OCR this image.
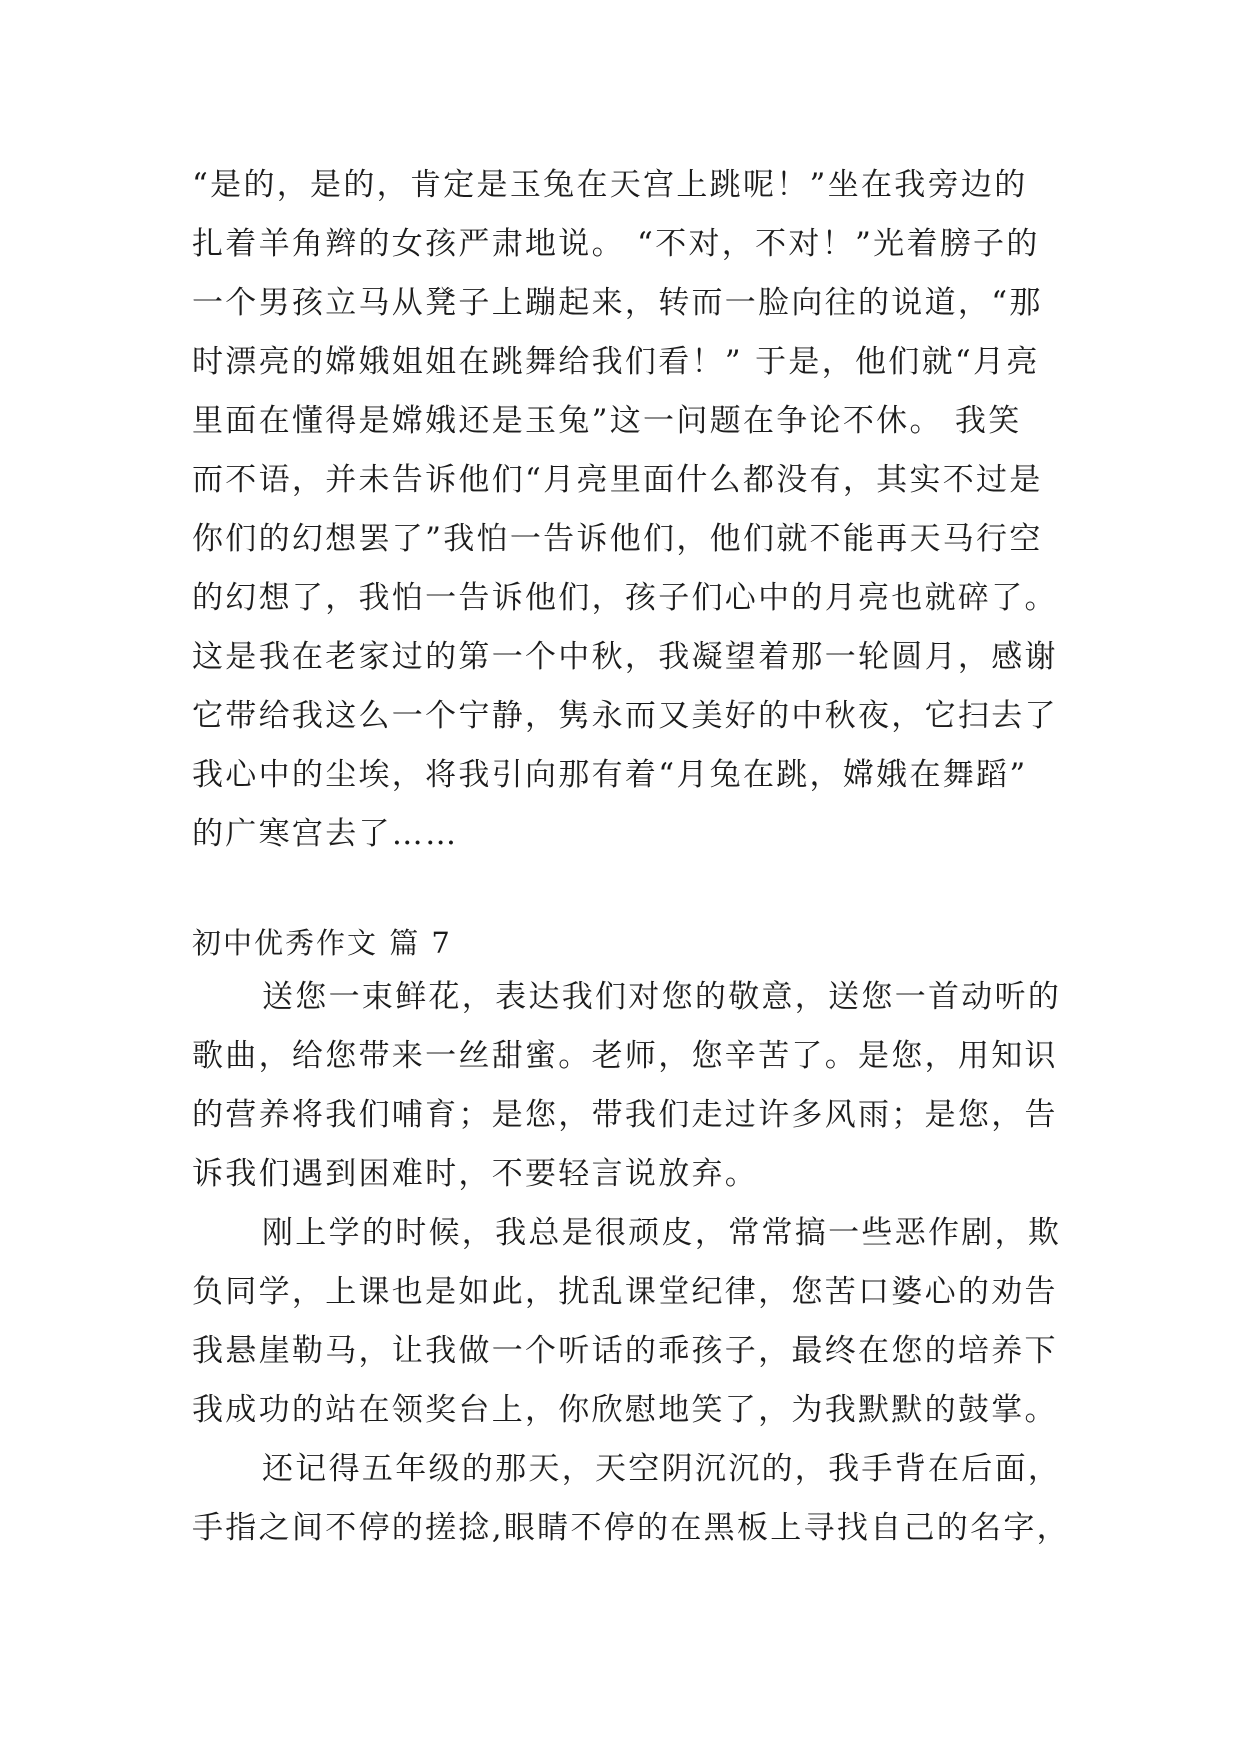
“是的，是的，肯定是玉兔在天宫上跳呢！”坐在我旁边的
扎着羊角辫的女孩严肃地说。 “不对，不对！”光着膀子的
一个男孩立马从凳子上蹦起来，转而一脸向往的说道，“那
时漂亮的嫦娥姐姐在跳舞给我们看！” 于是，他们就“月亮
里面在懂得是嫦娥还是玉兔”这一问题在争论不休。 我笑
而不语，并未告诉他们“月亮里面什么都没有，其实不过是
你们的幻想罢了”我怕一告诉他们，他们就不能再天马行空
的幻想了，我怕一告诉他们，孩子们心中的月亮也就碎了。
这是我在老家过的第一个中秋，我凝望着那一轮圆月，感谢
它带给我这么一个宁静，隽永而又美好的中秋夜，它扫去了
我心中的尘埃，将我引向那有着“月兔在跳，嫦娥在舞蹈”
的广寒宫去了……
初中优秀作文 篇 7
送您一束鲜花，表达我们对您的敬意，送您一首动听的
歌曲，给您带来一丝甜蜜。老师，您辛苦了。是您，用知识
的营养将我们哺育；是您，带我们走过许多风雨；是您，告
诉我们遇到困难时，不要轻言说放弃。
刚上学的时候，我总是很顽皮，常常搞一些恶作剧，欺
负同学，上课也是如此，扰乱课堂纪律，您苦口婆心的劝告
我悬崖勒马，让我做一个听话的乖孩子，最终在您的培养下
我成功的站在领奖台上，你欣慰地笑了，为我默默的鼓掌。
还记得五年级的那天，天空阴沉沉的，我手背在后面，
手指之间不停的搓捻,眼睛不停的在黑板上寻找自己的名字，
